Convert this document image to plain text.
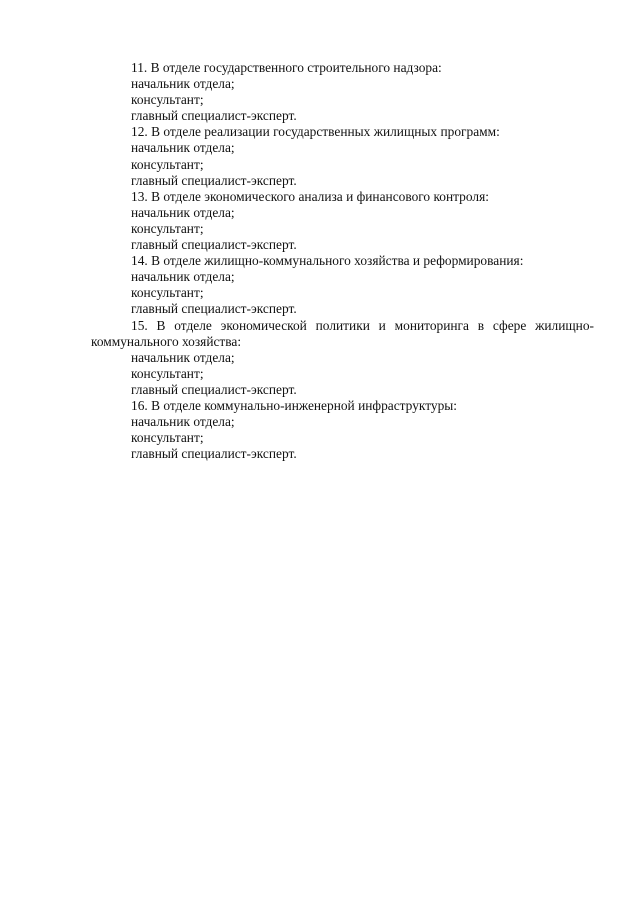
11. В отделе государственного строительного надзора:

начальник отдела;

консультант;

главный специалист-эксперт.

12. В отделе реализации государственных жилищных программ:

начальник отдела;

консультант;

главный специалист-эксперт.

13. В отделе экономического анализа и финансового контроля:

начальник отдела;

консультант;

главный специалист-эксперт.

14. В отделе жилищно-коммунального хозяйства и реформирования:

начальник отдела;

консультант;

главный специалист-эксперт.

15. В отделе экономической политики и мониторинга в сфере жилищно-коммунального хозяйства:

начальник отдела;

консультант;

главный специалист-эксперт.

16. В отделе коммунально-инженерной инфраструктуры:

начальник отдела;

консультант;

главный специалист-эксперт.
